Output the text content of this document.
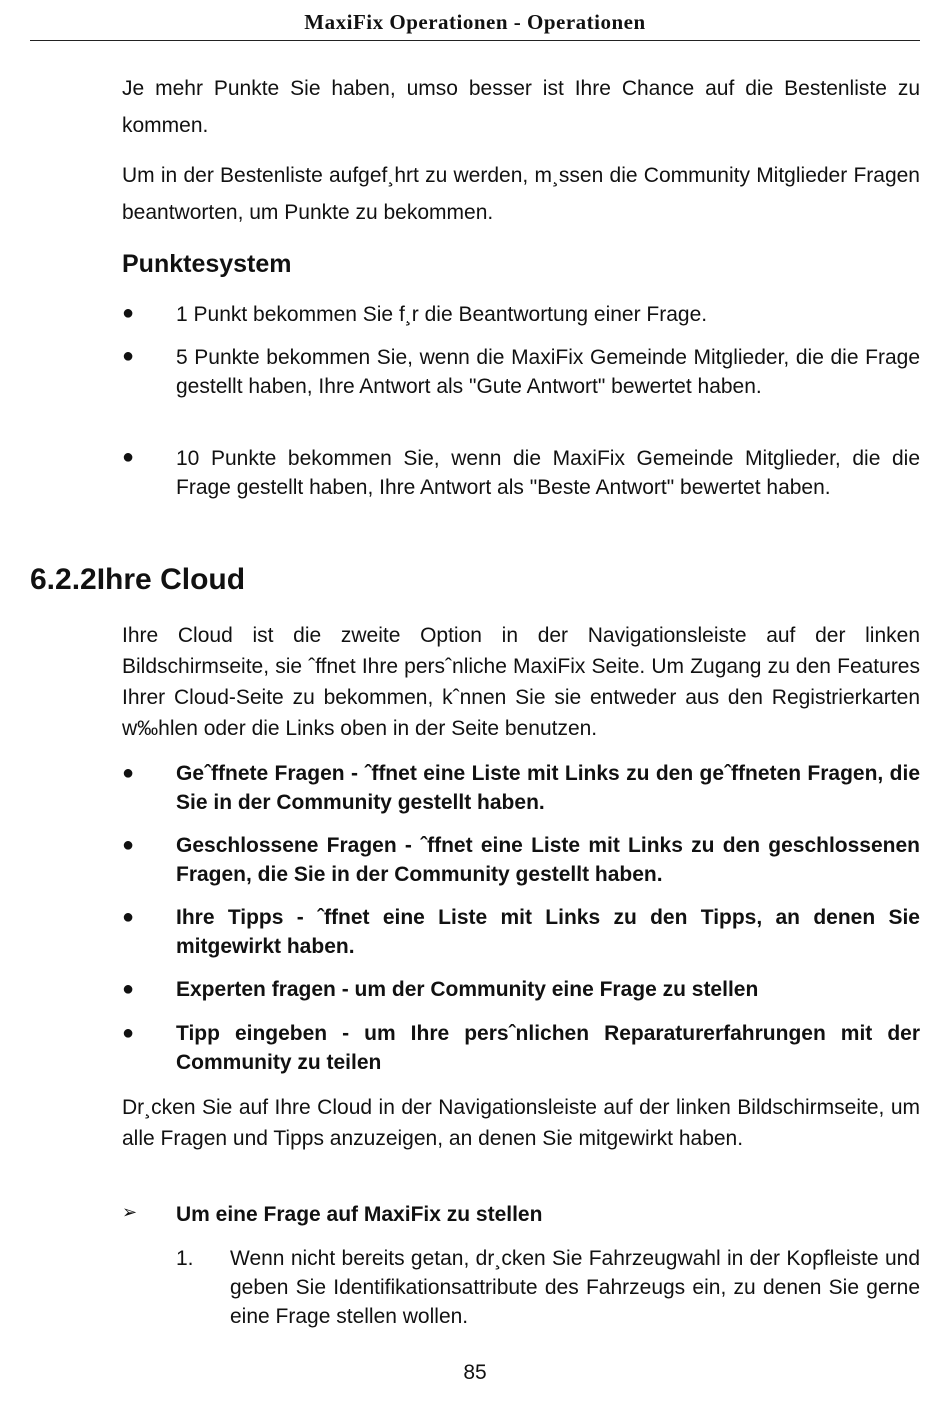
MaxiFix Operationen - Operationen
Je mehr Punkte Sie haben, umso besser ist Ihre Chance auf die Bestenliste zu kommen.
Um in der Bestenliste aufgef¸hrt zu werden, m¸ssen die Community Mitglieder Fragen beantworten, um Punkte zu bekommen.
Punktesystem
● 1 Punkt bekommen Sie f¸r die Beantwortung einer Frage.
● 5 Punkte bekommen Sie, wenn die MaxiFix Gemeinde Mitglieder, die die Frage gestellt haben, Ihre Antwort als "Gute Antwort" bewertet haben.
● 10 Punkte bekommen Sie, wenn die MaxiFix Gemeinde Mitglieder, die die Frage gestellt haben, Ihre Antwort als "Beste Antwort" bewertet haben.
6.2.2Ihre Cloud
Ihre Cloud ist die zweite Option in der Navigationsleiste auf der linken Bildschirmseite, sie ˆffnet Ihre persˆnliche MaxiFix Seite. Um Zugang zu den Features Ihrer Cloud-Seite zu bekommen, kˆnnen Sie sie entweder aus den Registrierkarten w‰hlen oder die Links oben in der Seite benutzen.
● Geˆffnete Fragen - ˆffnet eine Liste mit Links zu den geˆffneten Fragen, die Sie in der Community gestellt haben.
● Geschlossene Fragen - ˆffnet eine Liste mit Links zu den geschlossenen Fragen, die Sie in der Community gestellt haben.
● Ihre Tipps - ˆffnet eine Liste mit Links zu den Tipps, an denen Sie mitgewirkt haben.
● Experten fragen - um der Community eine Frage zu stellen
● Tipp eingeben - um Ihre persˆnlichen Reparaturerfahrungen mit der Community zu teilen
Dr¸cken Sie auf Ihre Cloud in der Navigationsleiste auf der linken Bildschirmseite, um alle Fragen und Tipps anzuzeigen, an denen Sie mitgewirkt haben.
➢ Um eine Frage auf MaxiFix zu stellen
1. Wenn nicht bereits getan, dr¸cken Sie Fahrzeugwahl in der Kopfleiste und geben Sie Identifikationsattribute des Fahrzeugs ein, zu denen Sie gerne eine Frage stellen wollen.
85
